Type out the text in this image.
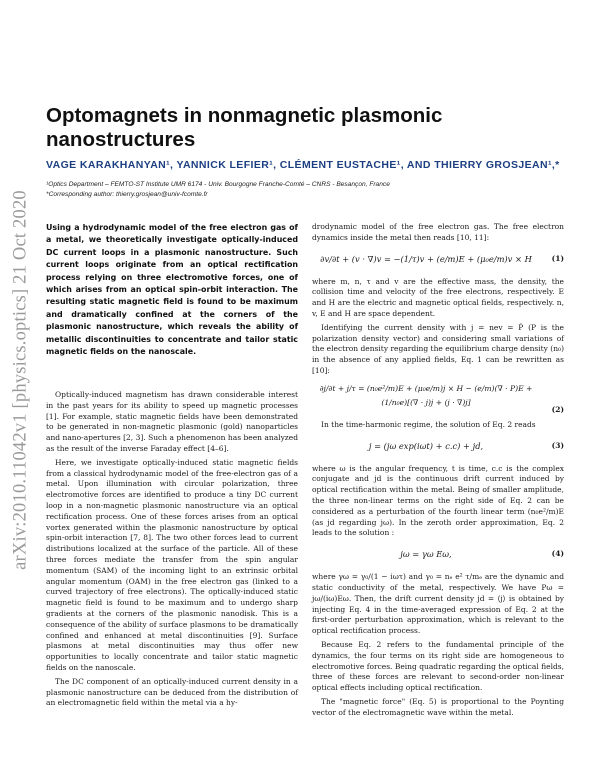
arXiv:2010.11042v1 [physics.optics] 21 Oct 2020
Optomagnets in nonmagnetic plasmonic nanostructures
VAGE KARAKHANYAN¹, YANNICK LEFIER¹, CLÉMENT EUSTACHE¹, AND THIERRY GROSJEAN¹,*
¹Optics Department – FEMTO-ST Institute UMR 6174 - Univ. Bourgogne Franche-Comté – CNRS - Besançon, France
*Corresponding author: thierry.grosjean@univ-fcomte.fr
Using a hydrodynamic model of the free electron gas of a metal, we theoretically investigate optically-induced DC current loops in a plasmonic nanostructure. Such current loops originate from an optical rectification process relying on three electromotive forces, one of which arises from an optical spin-orbit interaction. The resulting static magnetic field is found to be maximum and dramatically confined at the corners of the plasmonic nanostructure, which reveals the ability of metallic discontinuities to concentrate and tailor static magnetic fields on the nanoscale.

Optically-induced magnetism has drawn considerable interest in the past years for its ability to speed up magnetic processes [1]. For example, static magnetic fields have been demonstrated to be generated in non-magnetic plasmonic (gold) nanoparticles and nano-apertures [2, 3]. Such a phenomenon has been analyzed as the result of the inverse Faraday effect [4–6].

Here, we investigate optically-induced static magnetic fields from a classical hydrodynamic model of the free-electron gas of a metal. Upon illumination with circular polarization, three electromotive forces are identified to produce a tiny DC current loop in a non-magnetic plasmonic nanostructure via an optical rectification process. One of these forces arises from an optical vortex generated within the plasmonic nanostructure by optical spin-orbit interaction [7, 8]. The two other forces lead to current distributions localized at the surface of the particle. All of these three forces mediate the transfer from the spin angular momentum (SAM) of the incoming light to an extrinsic orbital angular momentum (OAM) in the free electron gas (linked to a curved trajectory of free electrons). The optically-induced static magnetic field is found to be maximum and to undergo sharp gradients at the corners of the plasmonic nanodisk. This is a consequence of the ability of surface plasmons to be dramatically confined and enhanced at metal discontinuities [9]. Surface plasmons at metal discontinuities may thus offer new opportunities to locally concentrate and tailor static magnetic fields on the nanoscale.

The DC component of an optically-induced current density in a plasmonic nanostructure can be deduced from the distribution of an electromagnetic field within the metal via a hy-

drodynamic model of the free electron gas. The free electron dynamics inside the metal then reads [10, 11]:

∂v/∂t + (v · ∇)v = −(1/τ)v + (e/m)E + (μ₀e/m)v × H	(1)

where m, n, τ and v are the effective mass, the density, the collision time and velocity of the free electrons, respectively. E and H are the electric and magnetic optical fields, respectively. n, v, E and H are space dependent.

Identifying the current density with j = nev = Ṗ (P is the polarization density vector) and considering small variations of the electron density regarding the equilibrium charge density (n₀) in the absence of any applied fields, Eq. 1 can be rewritten as [10]:

∂j/∂t + j/τ = (n₀e²/m)E + (μ₀e/m)j × H − (e/m)(∇ · P)E + (1/n₀e)[(∇ · j)j + (j · ∇)j]
(2)

In the time-harmonic regime, the solution of Eq. 2 reads

j = (jω exp(iωt) + c.c) + jd,	(3)

where ω is the angular frequency, t is time, c.c is the complex conjugate and jd is the continuous drift current induced by optical rectification within the metal. Being of smaller amplitude, the three non-linear terms on the right side of Eq. 2 can be considered as a perturbation of the fourth linear term (n₀e²/m)E (as jd regarding jω). In the zeroth order approximation, Eq. 2 leads to the solution :

jω = γω Eω,	(4)

where γω = γ₀/(1 − iωτ) and γ₀ = nₑ e² τ/mₑ are the dynamic and static conductivity of the metal, respectively. We have Pω = jω/(iω)Eω. Then, the drift current density jd = ⟨j⟩ is obtained by injecting Eq. 4 in the time-averaged expression of Eq. 2 at the first-order perturbation approximation, which is relevant to the optical rectification process.

Because Eq. 2 refers to the fundamental principle of the dynamics, the four terms on its right side are homogeneous to electromotive forces. Being quadratic regarding the optical fields, three of these forces are relevant to second-order non-linear optical effects including optical rectification.

The "magnetic force" (Eq. 5) is proportional to the Poynting vector of the electromagnetic wave within the metal.
